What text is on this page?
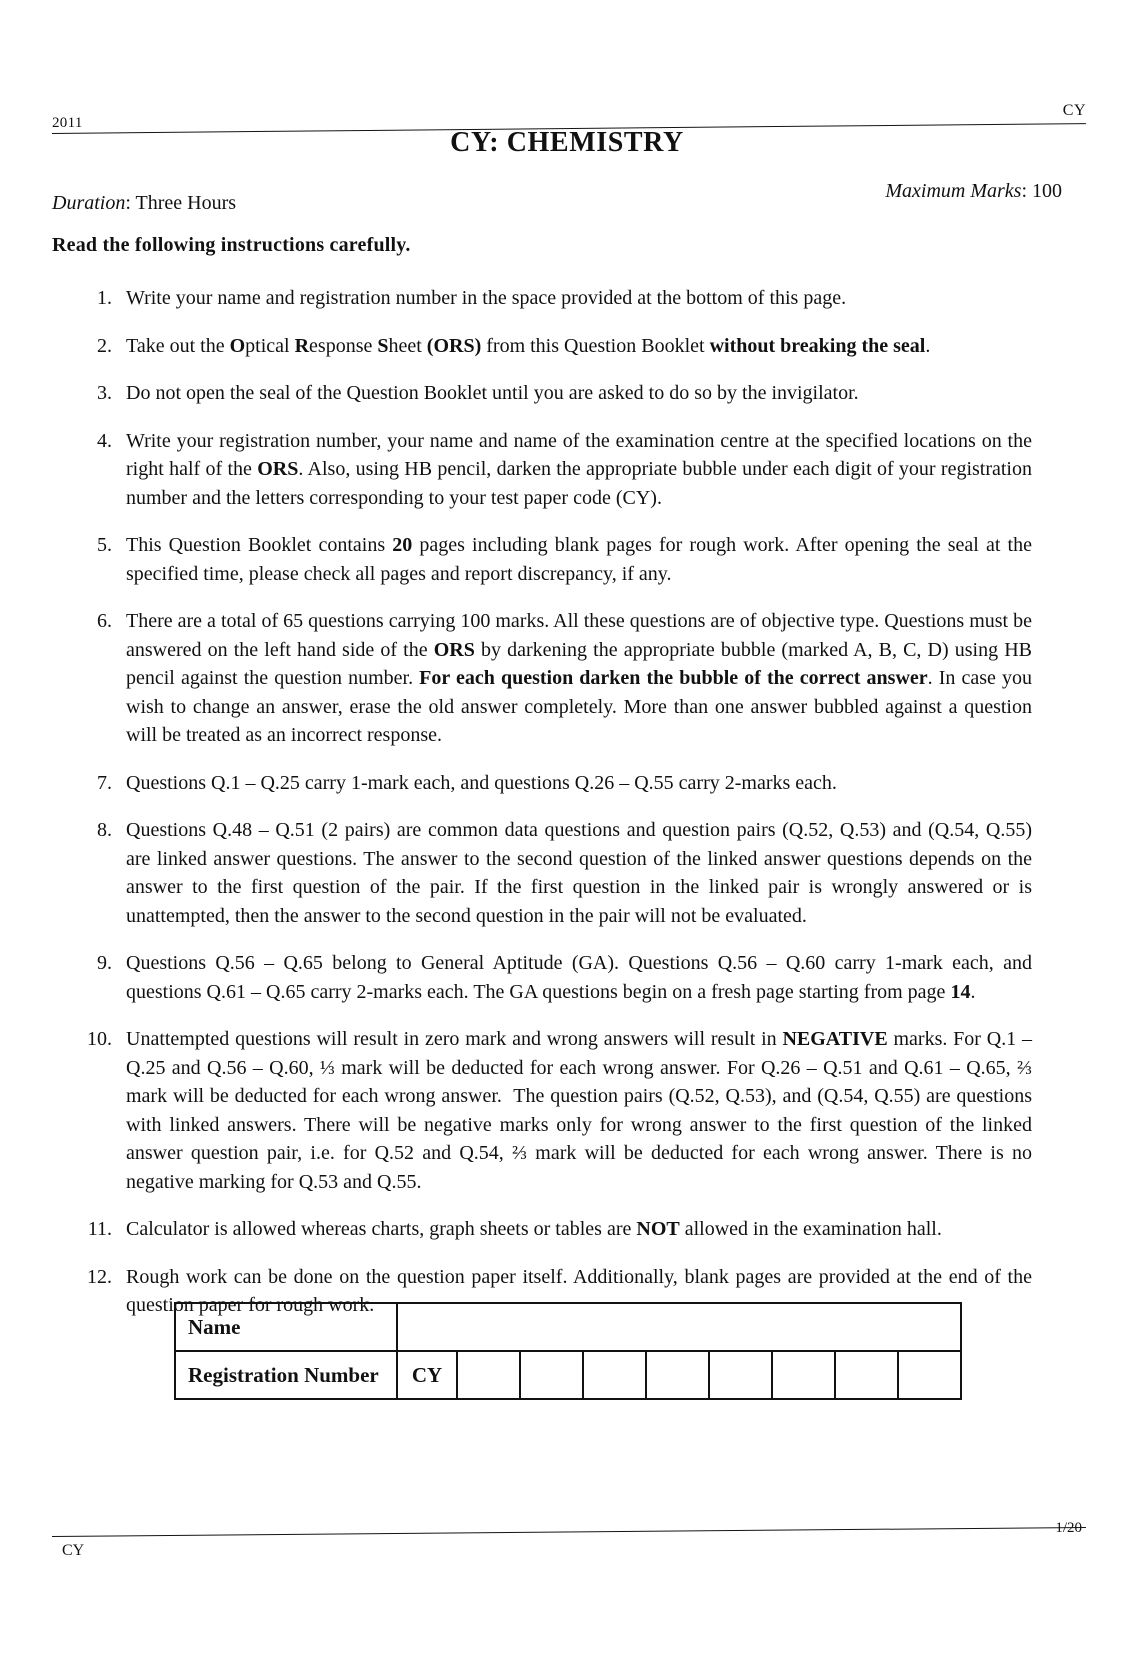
2011
CY
CY: CHEMISTRY
Duration: Three Hours
Maximum Marks: 100
Read the following instructions carefully.
1. Write your name and registration number in the space provided at the bottom of this page.
2. Take out the Optical Response Sheet (ORS) from this Question Booklet without breaking the seal.
3. Do not open the seal of the Question Booklet until you are asked to do so by the invigilator.
4. Write your registration number, your name and name of the examination centre at the specified locations on the right half of the ORS. Also, using HB pencil, darken the appropriate bubble under each digit of your registration number and the letters corresponding to your test paper code (CY).
5. This Question Booklet contains 20 pages including blank pages for rough work. After opening the seal at the specified time, please check all pages and report discrepancy, if any.
6. There are a total of 65 questions carrying 100 marks. All these questions are of objective type. Questions must be answered on the left hand side of the ORS by darkening the appropriate bubble (marked A, B, C, D) using HB pencil against the question number. For each question darken the bubble of the correct answer. In case you wish to change an answer, erase the old answer completely. More than one answer bubbled against a question will be treated as an incorrect response.
7. Questions Q.1 – Q.25 carry 1-mark each, and questions Q.26 – Q.55 carry 2-marks each.
8. Questions Q.48 – Q.51 (2 pairs) are common data questions and question pairs (Q.52, Q.53) and (Q.54, Q.55) are linked answer questions. The answer to the second question of the linked answer questions depends on the answer to the first question of the pair. If the first question in the linked pair is wrongly answered or is unattempted, then the answer to the second question in the pair will not be evaluated.
9. Questions Q.56 – Q.65 belong to General Aptitude (GA). Questions Q.56 – Q.60 carry 1-mark each, and questions Q.61 – Q.65 carry 2-marks each. The GA questions begin on a fresh page starting from page 14.
10. Unattempted questions will result in zero mark and wrong answers will result in NEGATIVE marks. For Q.1 – Q.25 and Q.56 – Q.60, ⅓ mark will be deducted for each wrong answer. For Q.26 – Q.51 and Q.61 – Q.65, ⅔ mark will be deducted for each wrong answer.  The question pairs (Q.52, Q.53), and (Q.54, Q.55) are questions with linked answers. There will be negative marks only for wrong answer to the first question of the linked answer question pair, i.e. for Q.52 and Q.54, ⅔ mark will be deducted for each wrong answer. There is no negative marking for Q.53 and Q.55.
11. Calculator is allowed whereas charts, graph sheets or tables are NOT allowed in the examination hall.
12. Rough work can be done on the question paper itself. Additionally, blank pages are provided at the end of the question paper for rough work.
Name									
Registration Number	CY								
CY
1/20
